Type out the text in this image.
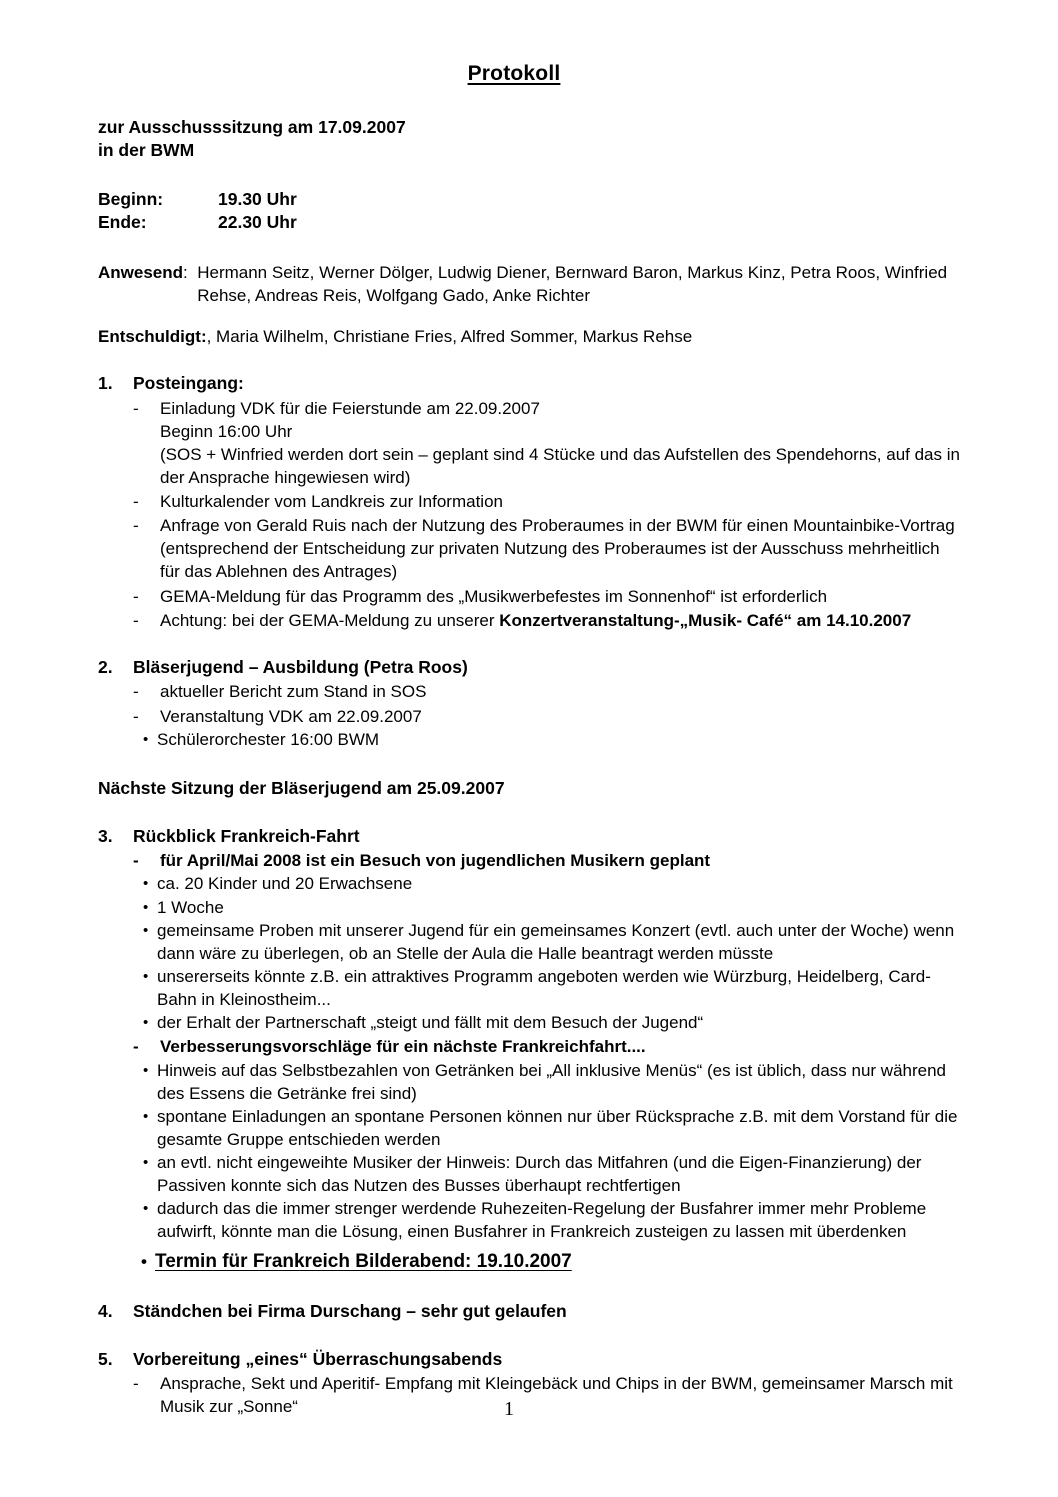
Protokoll
zur Ausschusssitzung am 17.09.2007
in der BWM
Beginn:	19.30 Uhr
Ende:	22.30 Uhr
Anwesend: Hermann Seitz, Werner Dölger, Ludwig Diener, Bernward Baron, Markus Kinz, Petra Roos, Winfried Rehse, Andreas Reis, Wolfgang Gado, Anke Richter
Entschuldigt: , Maria Wilhelm, Christiane Fries, Alfred Sommer, Markus Rehse
1.	Posteingang:
-	Einladung VDK für die Feierstunde am 22.09.2007

Beginn 16:00 Uhr

(SOS + Winfried werden dort sein – geplant sind 4 Stücke und das Aufstellen des Spendehorns, auf das in der Ansprache hingewiesen wird)

-	Kulturkalender vom Landkreis zur Information

-	Anfrage von Gerald Ruis nach der Nutzung des Proberaumes in der BWM für einen Mountainbike-Vortrag

(entsprechend der Entscheidung zur privaten Nutzung des Proberaumes ist der Ausschuss mehrheitlich für das Ablehnen des Antrages)

-	GEMA-Meldung für das Programm des „Musikwerbefestes im Sonnenhof“ ist erforderlich

-	Achtung: bei der GEMA-Meldung zu unserer Konzertveranstaltung-„Musik- Café“ am 14.10.2007

2.	Bläserjugend – Ausbildung (Petra Roos)
-	aktueller Bericht zum Stand in SOS

-	Veranstaltung VDK am 22.09.2007

• Schülerorchester 16:00 BWM
Nächste Sitzung der Bläserjugend am 25.09.2007
3.	Rückblick Frankreich-Fahrt
-	für April/Mai 2008 ist ein Besuch von jugendlichen Musikern geplant
• ca. 20 Kinder und 20 Erwachsene
• 1 Woche
• gemeinsame Proben mit unserer Jugend für ein gemeinsames Konzert (evtl. auch unter der Woche) wenn dann wäre zu überlegen, ob an Stelle der Aula die Halle beantragt werden müsste
• unsererseits könnte z.B. ein attraktives Programm angeboten werden wie Würzburg, Heidelberg, Card-Bahn in Kleinostheim...
• der Erhalt der Partnerschaft „steigt und fällt mit dem Besuch der Jugend“
-	Verbesserungsvorschläge für ein nächste Frankreichfahrt....
• Hinweis auf das Selbstbezahlen von Getränken bei „All inklusive Menüs“ (es ist üblich, dass nur während des Essens die Getränke frei sind)
• spontane Einladungen an spontane Personen können nur über Rücksprache z.B. mit dem Vorstand für die gesamte Gruppe entschieden werden
• an evtl. nicht eingeweihte Musiker der Hinweis: Durch das Mitfahren (und die Eigen-Finanzierung) der Passiven konnte sich das Nutzen des Busses überhaupt rechtfertigen
• dadurch das die immer strenger werdende Ruhezeiten-Regelung der Busfahrer immer mehr Probleme aufwirft, könnte man die Lösung, einen Busfahrer in Frankreich zusteigen zu lassen mit überdenken
• Termin für Frankreich Bilderabend: 19.10.2007
4.	Ständchen bei Firma Durschang – sehr gut gelaufen
5.	Vorbereitung „eines“ Überraschungsabends
-	Ansprache, Sekt und Aperitif- Empfang mit Kleingebäck und Chips in der BWM, gemeinsamer Marsch mit Musik zur „Sonne“	1
